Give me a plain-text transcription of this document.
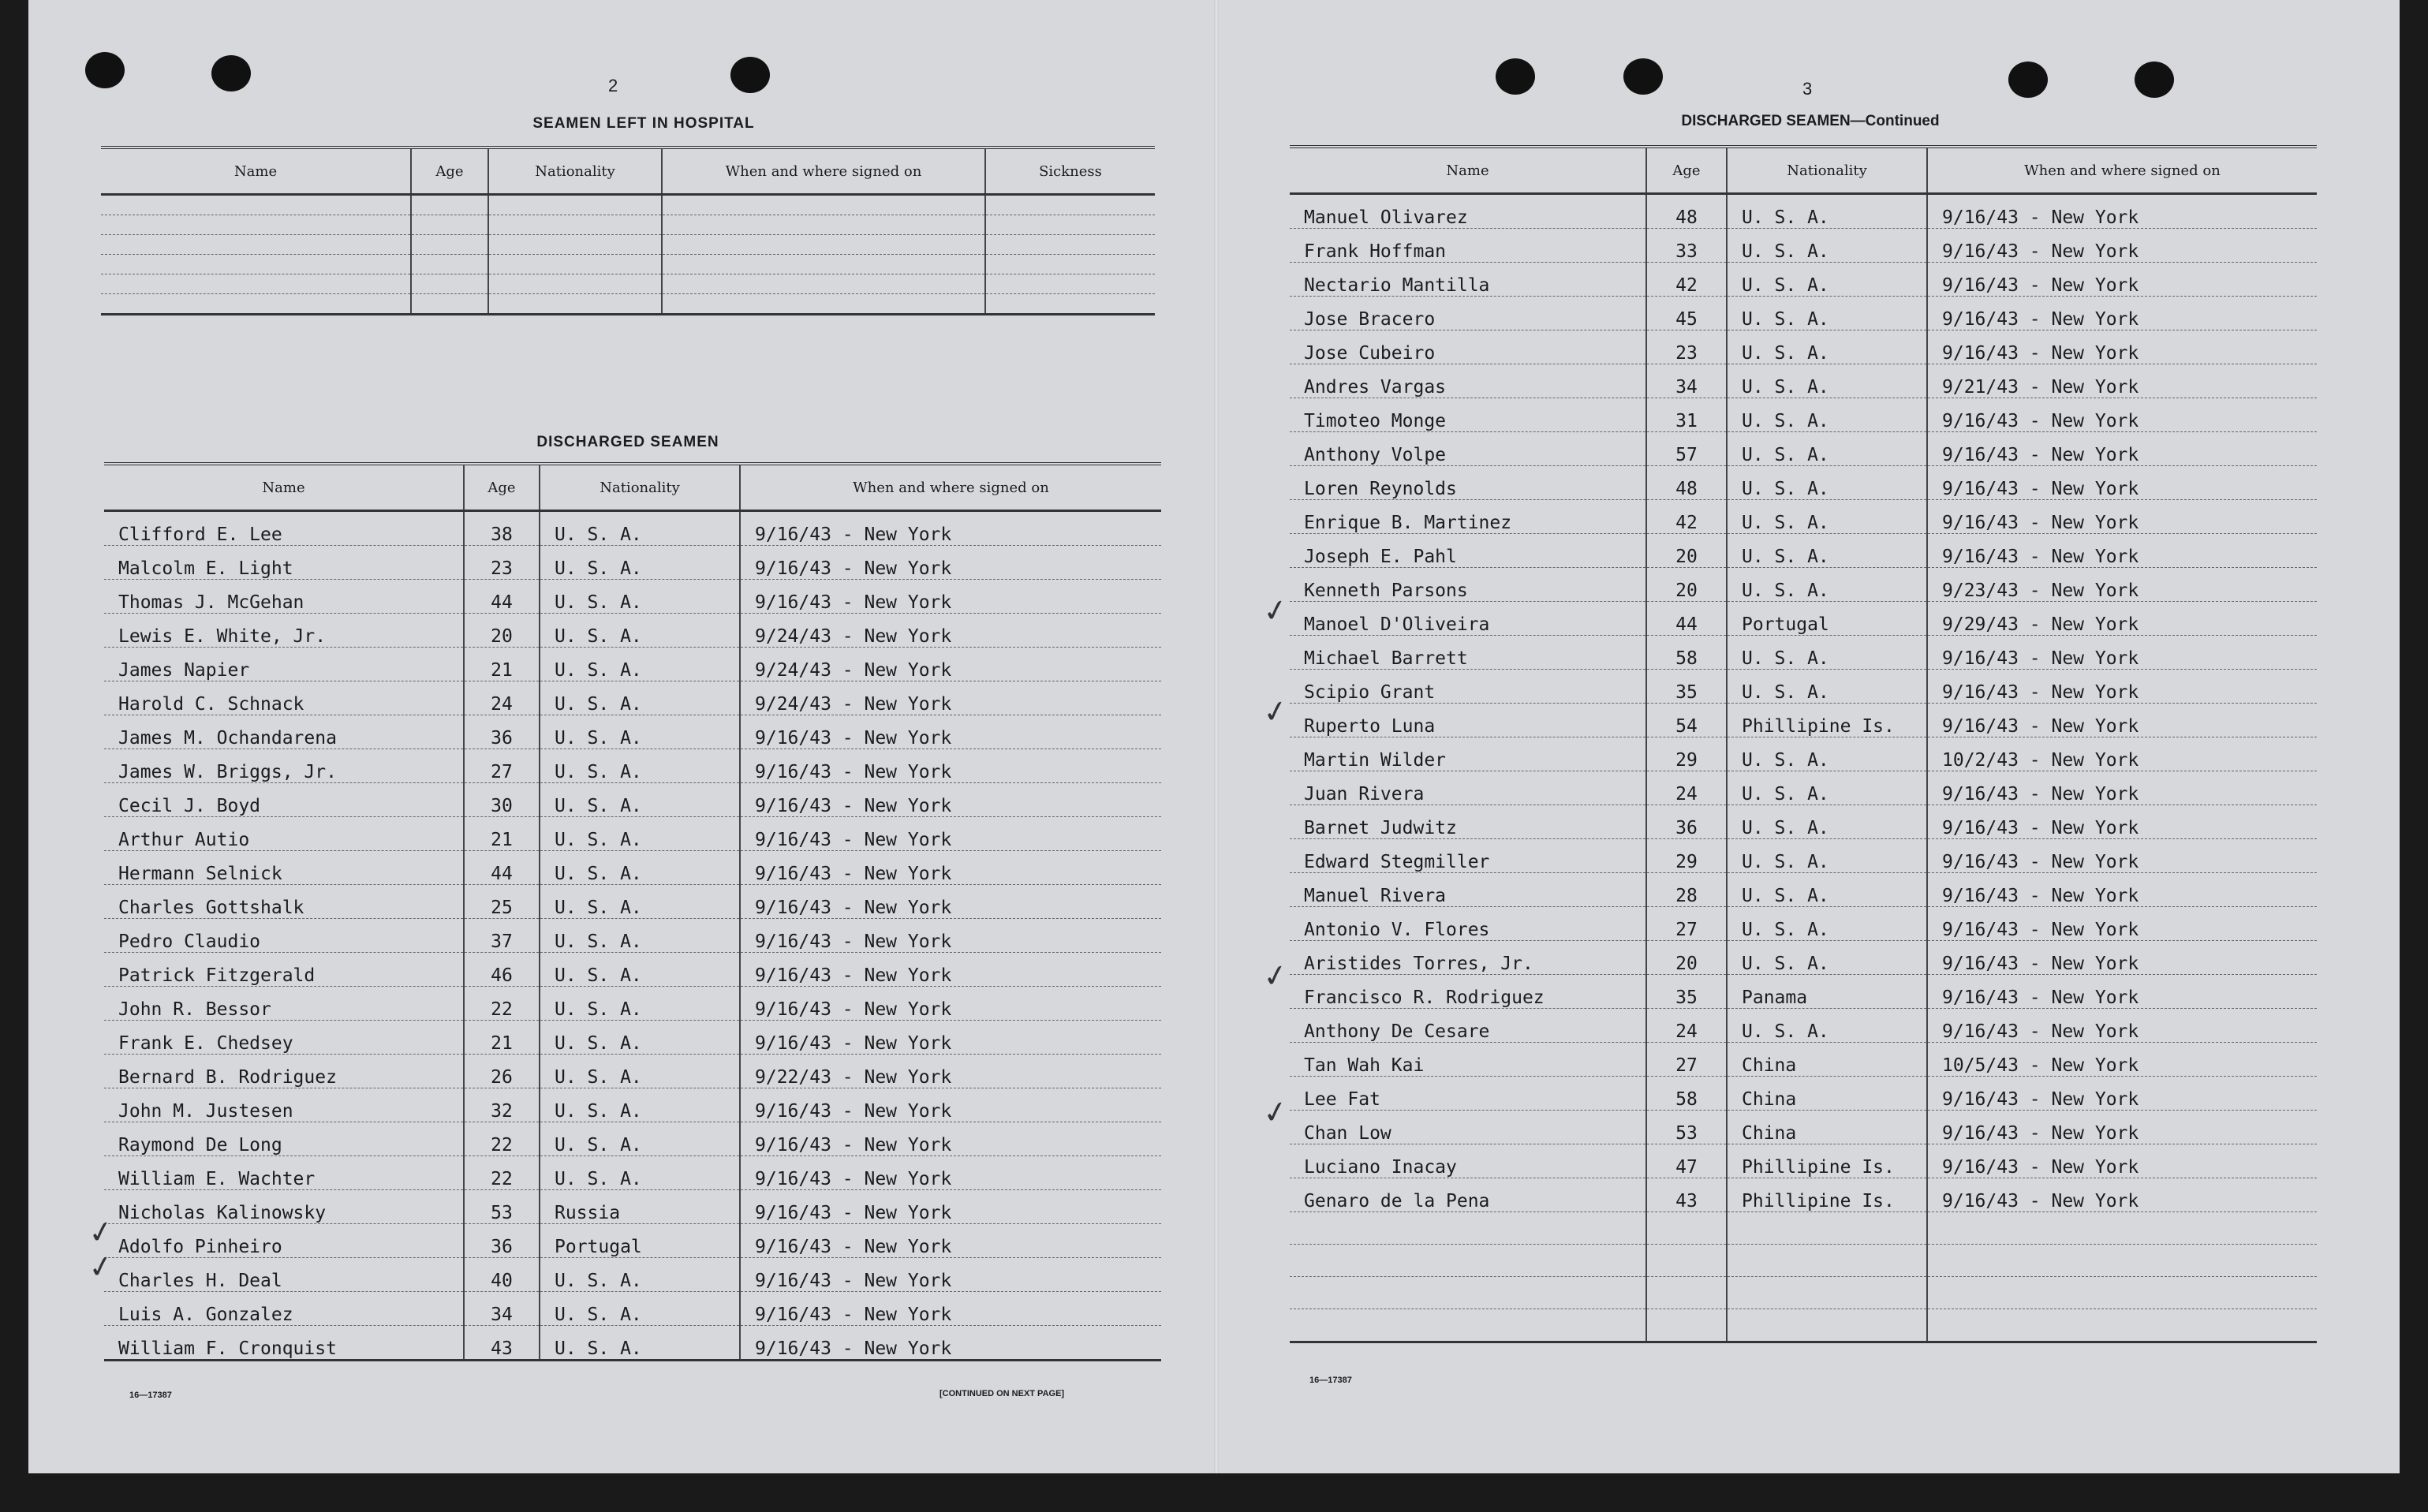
2
SEAMEN LEFT IN HOSPITAL
Name	Age	Nationality	When and where signed on	Sickness

DISCHARGED SEAMEN
Name	Age	Nationality	When and where signed on
Clifford E. Lee	38	U. S. A.	9/16/43 - New York
Malcolm E. Light	23	U. S. A.	9/16/43 - New York
Thomas J. McGehan	44	U. S. A.	9/16/43 - New York
Lewis E. White, Jr.	20	U. S. A.	9/24/43 - New York
James Napier	21	U. S. A.	9/24/43 - New York
Harold C. Schnack	24	U. S. A.	9/24/43 - New York
James M. Ochandarena	36	U. S. A.	9/16/43 - New York
James W. Briggs, Jr.	27	U. S. A.	9/16/43 - New York
Cecil J. Boyd	30	U. S. A.	9/16/43 - New York
Arthur Autio	21	U. S. A.	9/16/43 - New York
Hermann Selnick	44	U. S. A.	9/16/43 - New York
Charles Gottshalk	25	U. S. A.	9/16/43 - New York
Pedro Claudio	37	U. S. A.	9/16/43 - New York
Patrick Fitzgerald	46	U. S. A.	9/16/43 - New York
John R. Bessor	22	U. S. A.	9/16/43 - New York
Frank E. Chedsey	21	U. S. A.	9/16/43 - New York
Bernard B. Rodriguez	26	U. S. A.	9/22/43 - New York
John M. Justesen	32	U. S. A.	9/16/43 - New York
Raymond De Long	22	U. S. A.	9/16/43 - New York
William E. Wachter	22	U. S. A.	9/16/43 - New York
Nicholas Kalinowsky	53	Russia	9/16/43 - New York
Adolfo Pinheiro	36	Portugal	9/16/43 - New York
Charles H. Deal	40	U. S. A.	9/16/43 - New York
Luis A. Gonzalez	34	U. S. A.	9/16/43 - New York
William F. Cronquist	43	U. S. A.	9/16/43 - New York
16—17387	[CONTINUED ON NEXT PAGE]
✓
✓
3
DISCHARGED SEAMEN—Continued
Name	Age	Nationality	When and where signed on
Manuel Olivarez	48	U. S. A.	9/16/43 - New York
Frank Hoffman	33	U. S. A.	9/16/43 - New York
Nectario Mantilla	42	U. S. A.	9/16/43 - New York
Jose Bracero	45	U. S. A.	9/16/43 - New York
Jose Cubeiro	23	U. S. A.	9/16/43 - New York
Andres Vargas	34	U. S. A.	9/21/43 - New York
Timoteo Monge	31	U. S. A.	9/16/43 - New York
Anthony Volpe	57	U. S. A.	9/16/43 - New York
Loren Reynolds	48	U. S. A.	9/16/43 - New York
Enrique B. Martinez	42	U. S. A.	9/16/43 - New York
Joseph E. Pahl	20	U. S. A.	9/16/43 - New York
Kenneth Parsons	20	U. S. A.	9/23/43 - New York
Manoel D'Oliveira	44	Portugal	9/29/43 - New York
Michael Barrett	58	U. S. A.	9/16/43 - New York
Scipio Grant	35	U. S. A.	9/16/43 - New York
Ruperto Luna	54	Phillipine Is.	9/16/43 - New York
Martin Wilder	29	U. S. A.	10/2/43 - New York
Juan Rivera	24	U. S. A.	9/16/43 - New York
Barnet Judwitz	36	U. S. A.	9/16/43 - New York
Edward Stegmiller	29	U. S. A.	9/16/43 - New York
Manuel Rivera	28	U. S. A.	9/16/43 - New York
Antonio V. Flores	27	U. S. A.	9/16/43 - New York
Aristides Torres, Jr.	20	U. S. A.	9/16/43 - New York
Francisco R. Rodriguez	35	Panama	9/16/43 - New York
Anthony De Cesare	24	U. S. A.	9/16/43 - New York
Tan Wah Kai	27	China	10/5/43 - New York
Lee Fat	58	China	9/16/43 - New York
Chan Low	53	China	9/16/43 - New York
Luciano Inacay	47	Phillipine Is.	9/16/43 - New York
Genaro de la Pena	43	Phillipine Is.	9/16/43 - New York

16—17387
✓
✓
✓
✓
